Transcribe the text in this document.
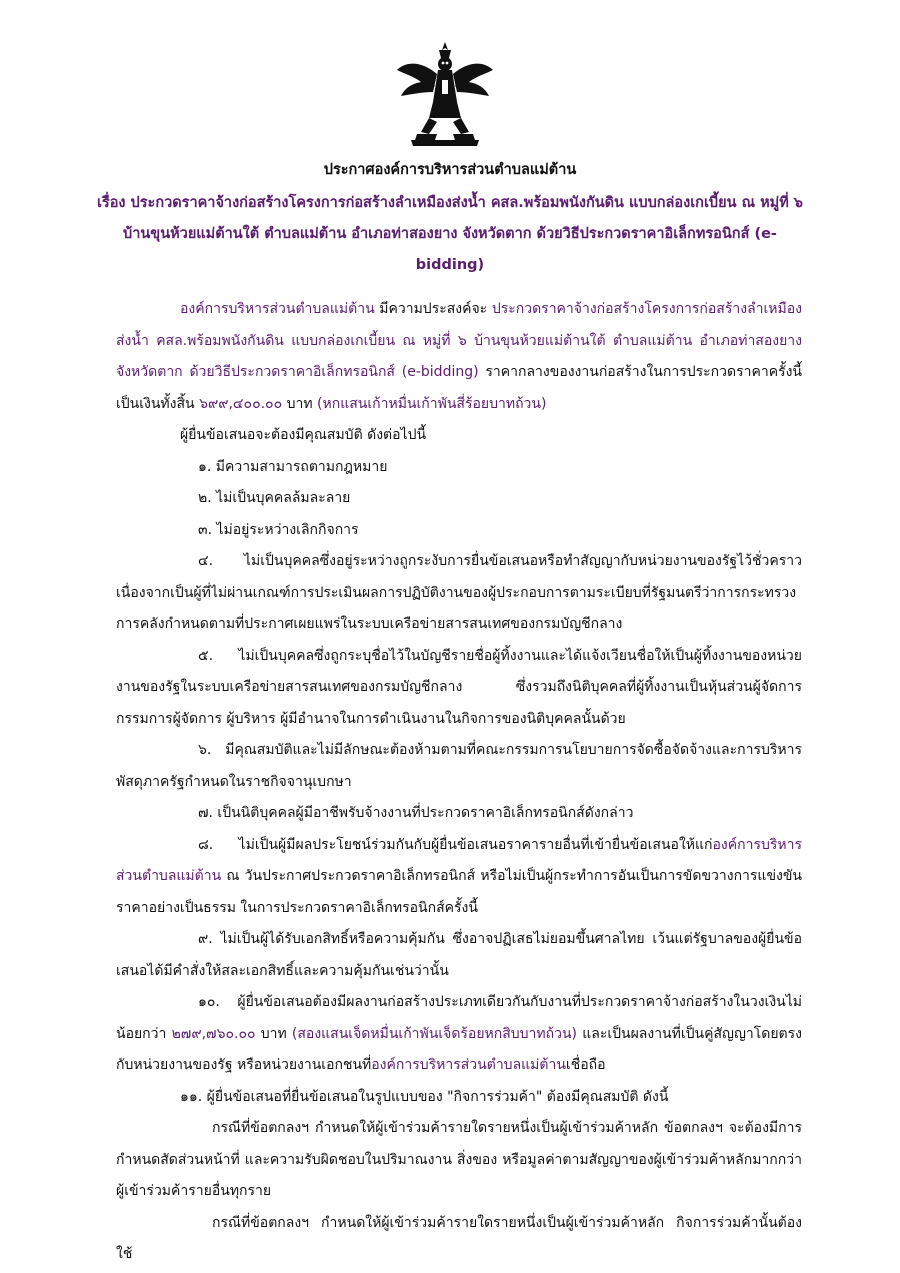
ประกาศองค์การบริหารส่วนตำบลแม่ต้าน
เรื่อง ประกวดราคาจ้างก่อสร้างโครงการก่อสร้างลำเหมืองส่งน้ำ คสล.พร้อมพนังกันดิน แบบกล่องเกเบี้ยน ณ หมู่ที่ ๖ บ้านขุนห้วยแม่ต้านใต้ ตำบลแม่ต้าน อำเภอท่าสองยาง จังหวัดตาก ด้วยวิธีประกวดราคาอิเล็กทรอนิกส์ (e-bidding)

องค์การบริหารส่วนตำบลแม่ต้าน มีความประสงค์จะ ประกวดราคาจ้างก่อสร้างโครงการก่อสร้างลำเหมืองส่งน้ำ คสล.พร้อมพนังกันดิน แบบกล่องเกเบี้ยน ณ หมู่ที่ ๖ บ้านขุนห้วยแม่ต้านใต้ ตำบลแม่ต้าน อำเภอท่าสองยาง จังหวัดตาก ด้วยวิธีประกวดราคาอิเล็กทรอนิกส์ (e-bidding) ราคากลางของงานก่อสร้างในการประกวดราคาครั้งนี้เป็นเงินทั้งสิ้น ๖๙๙,๔๐๐.๐๐ บาท (หกแสนเก้าหมื่นเก้าพันสี่ร้อยบาทถ้วน)

ผู้ยื่นข้อเสนอจะต้องมีคุณสมบัติ ดังต่อไปนี้

๑. มีความสามารถตามกฎหมาย

๒. ไม่เป็นบุคคลล้มละลาย

๓. ไม่อยู่ระหว่างเลิกกิจการ

๔. ไม่เป็นบุคคลซึ่งอยู่ระหว่างถูกระงับการยื่นข้อเสนอหรือทำสัญญากับหน่วยงานของรัฐไว้ชั่วคราว เนื่องจากเป็นผู้ที่ไม่ผ่านเกณฑ์การประเมินผลการปฏิบัติงานของผู้ประกอบการตามระเบียบที่รัฐมนตรีว่าการกระทรวงการคลังกำหนดตามที่ประกาศเผยแพร่ในระบบเครือข่ายสารสนเทศของกรมบัญชีกลาง

๕. ไม่เป็นบุคคลซึ่งถูกระบุชื่อไว้ในบัญชีรายชื่อผู้ทิ้งงานและได้แจ้งเวียนชื่อให้เป็นผู้ทิ้งงานของหน่วยงานของรัฐในระบบเครือข่ายสารสนเทศของกรมบัญชีกลาง ซึ่งรวมถึงนิติบุคคลที่ผู้ทิ้งงานเป็นหุ้นส่วนผู้จัดการ กรรมการผู้จัดการ ผู้บริหาร ผู้มีอำนาจในการดำเนินงานในกิจการของนิติบุคคลนั้นด้วย

๖. มีคุณสมบัติและไม่มีลักษณะต้องห้ามตามที่คณะกรรมการนโยบายการจัดซื้อจัดจ้างและการบริหารพัสดุภาครัฐกำหนดในราชกิจจานุเบกษา

๗. เป็นนิติบุคคลผู้มีอาชีพรับจ้างงานที่ประกวดราคาอิเล็กทรอนิกส์ดังกล่าว

๘. ไม่เป็นผู้มีผลประโยชน์ร่วมกันกับผู้ยื่นข้อเสนอราคารายอื่นที่เข้ายื่นข้อเสนอให้แก่องค์การบริหารส่วนตำบลแม่ต้าน ณ วันประกาศประกวดราคาอิเล็กทรอนิกส์ หรือไม่เป็นผู้กระทำการอันเป็นการขัดขวางการแข่งขันราคาอย่างเป็นธรรม ในการประกวดราคาอิเล็กทรอนิกส์ครั้งนี้

๙. ไม่เป็นผู้ได้รับเอกสิทธิ์หรือความคุ้มกัน ซึ่งอาจปฏิเสธไม่ยอมขึ้นศาลไทย เว้นแต่รัฐบาลของผู้ยื่นข้อเสนอได้มีคำสั่งให้สละเอกสิทธิ์และความคุ้มกันเช่นว่านั้น

๑๐. ผู้ยื่นข้อเสนอต้องมีผลงานก่อสร้างประเภทเดียวกันกับงานที่ประกวดราคาจ้างก่อสร้างในวงเงินไม่น้อยกว่า ๒๗๙,๗๖๐.๐๐ บาท (สองแสนเจ็ดหมื่นเก้าพันเจ็ดร้อยหกสิบบาทถ้วน) และเป็นผลงานที่เป็นคู่สัญญาโดยตรงกับหน่วยงานของรัฐ หรือหน่วยงานเอกชนที่องค์การบริหารส่วนตำบลแม่ต้านเชื่อถือ

๑๑. ผู้ยื่นข้อเสนอที่ยื่นข้อเสนอในรูปแบบของ "กิจการร่วมค้า" ต้องมีคุณสมบัติ ดังนี้

กรณีที่ข้อตกลงฯ กำหนดให้ผู้เข้าร่วมค้ารายใดรายหนึ่งเป็นผู้เข้าร่วมค้าหลัก ข้อตกลงฯ จะต้องมีการกำหนดสัดส่วนหน้าที่ และความรับผิดชอบในปริมาณงาน สิ่งของ หรือมูลค่าตามสัญญาของผู้เข้าร่วมค้าหลักมากกว่าผู้เข้าร่วมค้ารายอื่นทุกราย

กรณีที่ข้อตกลงฯ กำหนดให้ผู้เข้าร่วมค้ารายใดรายหนึ่งเป็นผู้เข้าร่วมค้าหลัก กิจการร่วมค้านั้นต้องใช้
